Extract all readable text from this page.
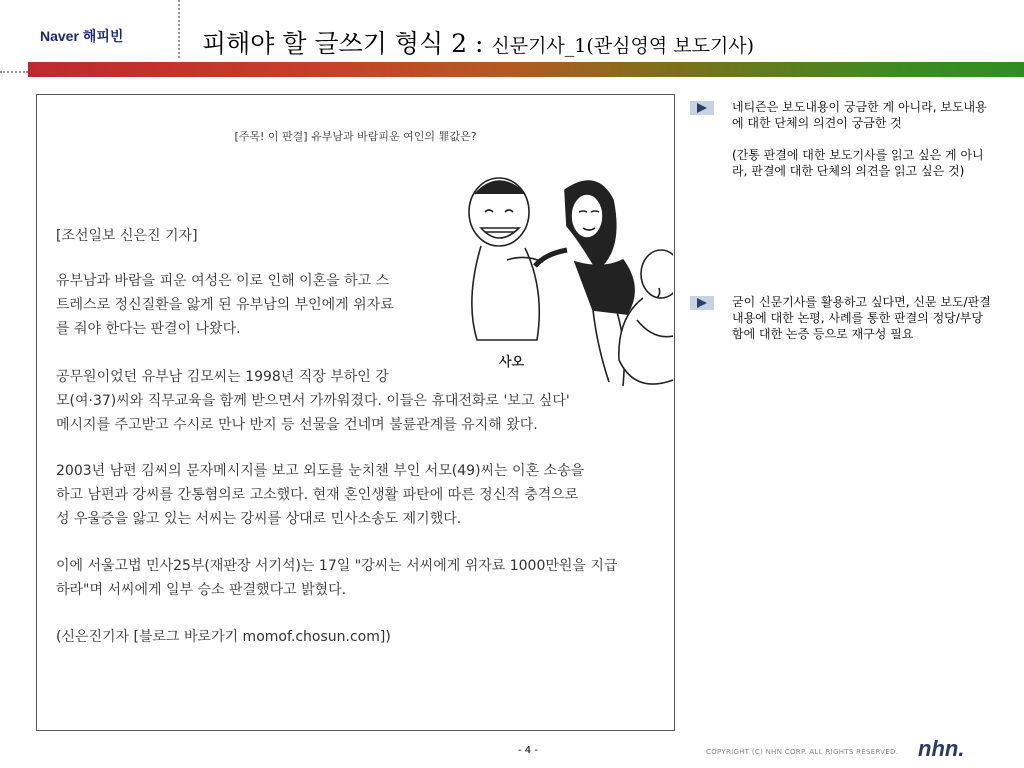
Naver 해피빈	피해야 할 글쓰기 형식 2 : 신문기사_1(관심영역 보도기사)
[주목! 이 판결] 유부남과 바람피운 여인의 罪값은?
사오

[조선일보 신은진 기자]

유부남과 바람을 피운 여성은 이로 인해 이혼을 하고 스
트레스로 정신질환을 앓게 된 유부남의 부인에게 위자료
를 줘야 한다는 판결이 나왔다.

공무원이었던 유부남 김모씨는 1998년 직장 부하인 강
모(여·37)씨와 직무교육을 함께 받으면서 가까워졌다. 이들은 휴대전화로 '보고 싶다'
메시지를 주고받고 수시로 만나 반지 등 선물을 건네며 불륜관계를 유지해 왔다.

2003년 남편 김씨의 문자메시지를 보고 외도를 눈치챈 부인 서모(49)씨는 이혼 소송을
하고 남편과 강씨를 간통혐의로 고소했다. 현재 혼인생활 파탄에 따른 정신적 충격으로
성 우울증을 앓고 있는 서씨는 강씨를 상대로 민사소송도 제기했다.

이에 서울고법 민사25부(재판장 서기석)는 17일 "강씨는 서씨에게 위자료 1000만원을 지급
하라"며 서씨에게 일부 승소 판결했다고 밝혔다.

(신은진기자 [블로그 바로가기 momof.chosun.com])

네티즌은 보도내용이 궁금한 게 아니라, 보도내용에 대한 단체의 의견이 궁금한 것

(간통 판결에 대한 보도기사를 읽고 싶은 게 아니라, 판결에 대한 단체의 의견을 읽고 싶은 것)

굳이 신문기사를 활용하고 싶다면, 신문 보도/판결내용에 대한 논평, 사례를 통한 판결의 정당/부당함에 대한 논증 등으로 재구성 필요

- 4 -	COPYRIGHT (C) NHN CORP. ALL RIGHTS RESERVED. nhn.
